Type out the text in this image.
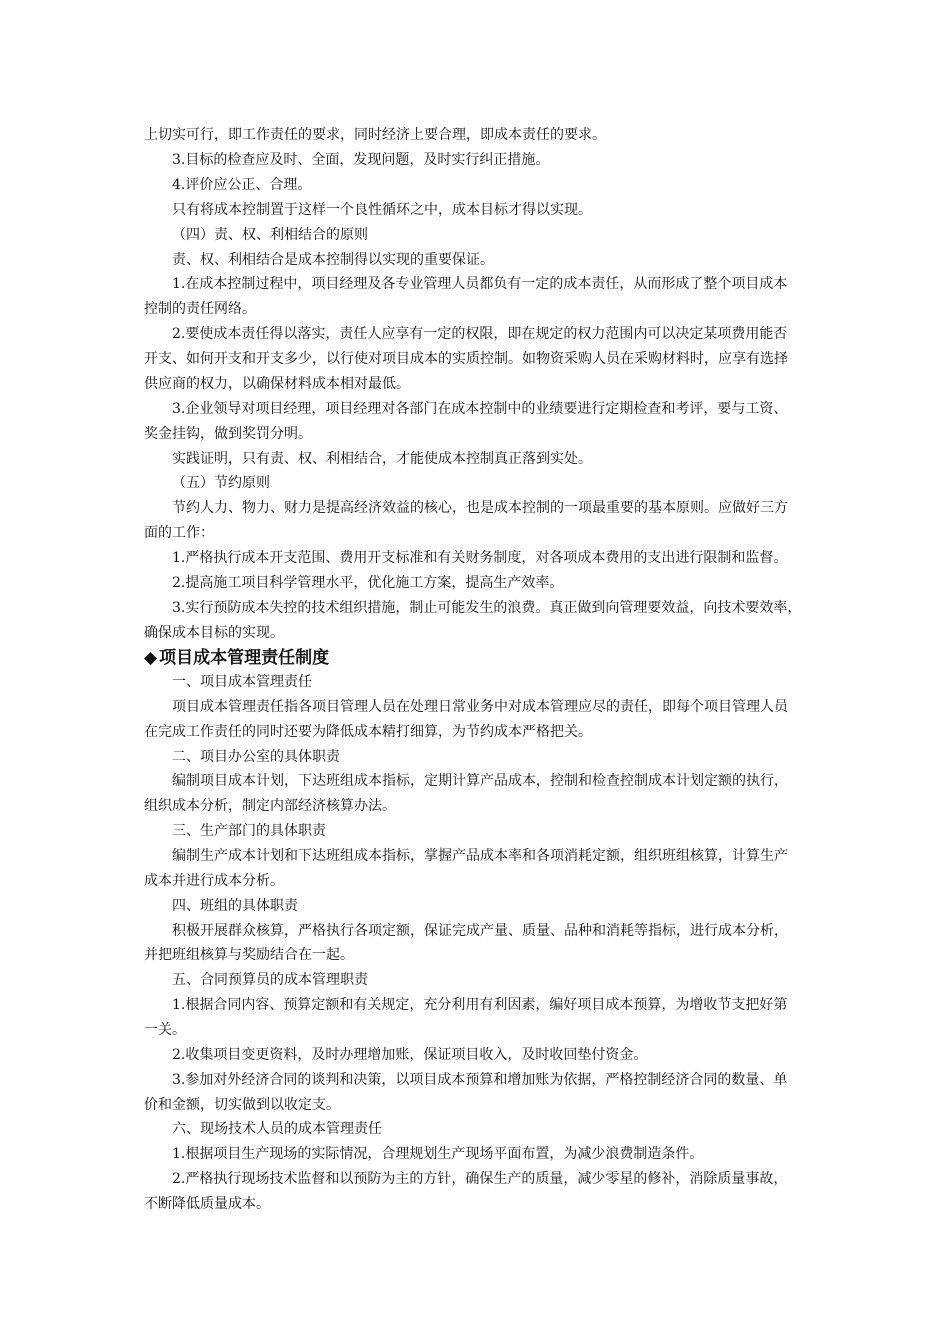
上切实可行，即工作责任的要求，同时经济上要合理，即成本责任的要求。
3.目标的检查应及时、全面，发现问题，及时实行纠正措施。
4.评价应公正、合理。
只有将成本控制置于这样一个良性循环之中，成本目标才得以实现。
（四）责、权、利相结合的原则
责、权、利相结合是成本控制得以实现的重要保证。
1.在成本控制过程中，项目经理及各专业管理人员都负有一定的成本责任，从而形成了整个项目成本
控制的责任网络。
2.要使成本责任得以落实，责任人应享有一定的权限，即在规定的权力范围内可以决定某项费用能否
开支、如何开支和开支多少，以行使对项目成本的实质控制。如物资采购人员在采购材料时，应享有选择
供应商的权力，以确保材料成本相对最低。
3.企业领导对项目经理，项目经理对各部门在成本控制中的业绩要进行定期检查和考评，要与工资、
奖金挂钩，做到奖罚分明。
实践证明，只有责、权、利相结合，才能使成本控制真正落到实处。
（五）节约原则
节约人力、物力、财力是提高经济效益的核心，也是成本控制的一项最重要的基本原则。应做好三方
面的工作：
1.严格执行成本开支范围、费用开支标准和有关财务制度，对各项成本费用的支出进行限制和监督。
2.提高施工项目科学管理水平，优化施工方案，提高生产效率。
3.实行预防成本失控的技术组织措施，制止可能发生的浪费。真正做到向管理要效益，向技术要效率，
确保成本目标的实现。
◆ 项目成本管理责任制度
一、项目成本管理责任
项目成本管理责任指各项目管理人员在处理日常业务中对成本管理应尽的责任，即每个项目管理人员
在完成工作责任的同时还要为降低成本精打细算，为节约成本严格把关。
二、项目办公室的具体职责
编制项目成本计划，下达班组成本指标，定期计算产品成本，控制和检查控制成本计划定额的执行，
组织成本分析，制定内部经济核算办法。
三、生产部门的具体职责
编制生产成本计划和下达班组成本指标，掌握产品成本率和各项消耗定额，组织班组核算，计算生产
成本并进行成本分析。
四、班组的具体职责
积极开展群众核算，严格执行各项定额，保证完成产量、质量、品种和消耗等指标，进行成本分析，
并把班组核算与奖励结合在一起。
五、合同预算员的成本管理职责
1.根据合同内容、预算定额和有关规定，充分利用有利因素，编好项目成本预算，为增收节支把好第
一关。
2.收集项目变更资料，及时办理增加账，保证项目收入，及时收回垫付资金。
3.参加对外经济合同的谈判和决策，以项目成本预算和增加账为依据，严格控制经济合同的数量、单
价和金额，切实做到以收定支。
六、现场技术人员的成本管理责任
1.根据项目生产现场的实际情况，合理规划生产现场平面布置，为减少浪费制造条件。
2.严格执行现场技术监督和以预防为主的方针，确保生产的质量，减少零星的修补，消除质量事故，
不断降低质量成本。
